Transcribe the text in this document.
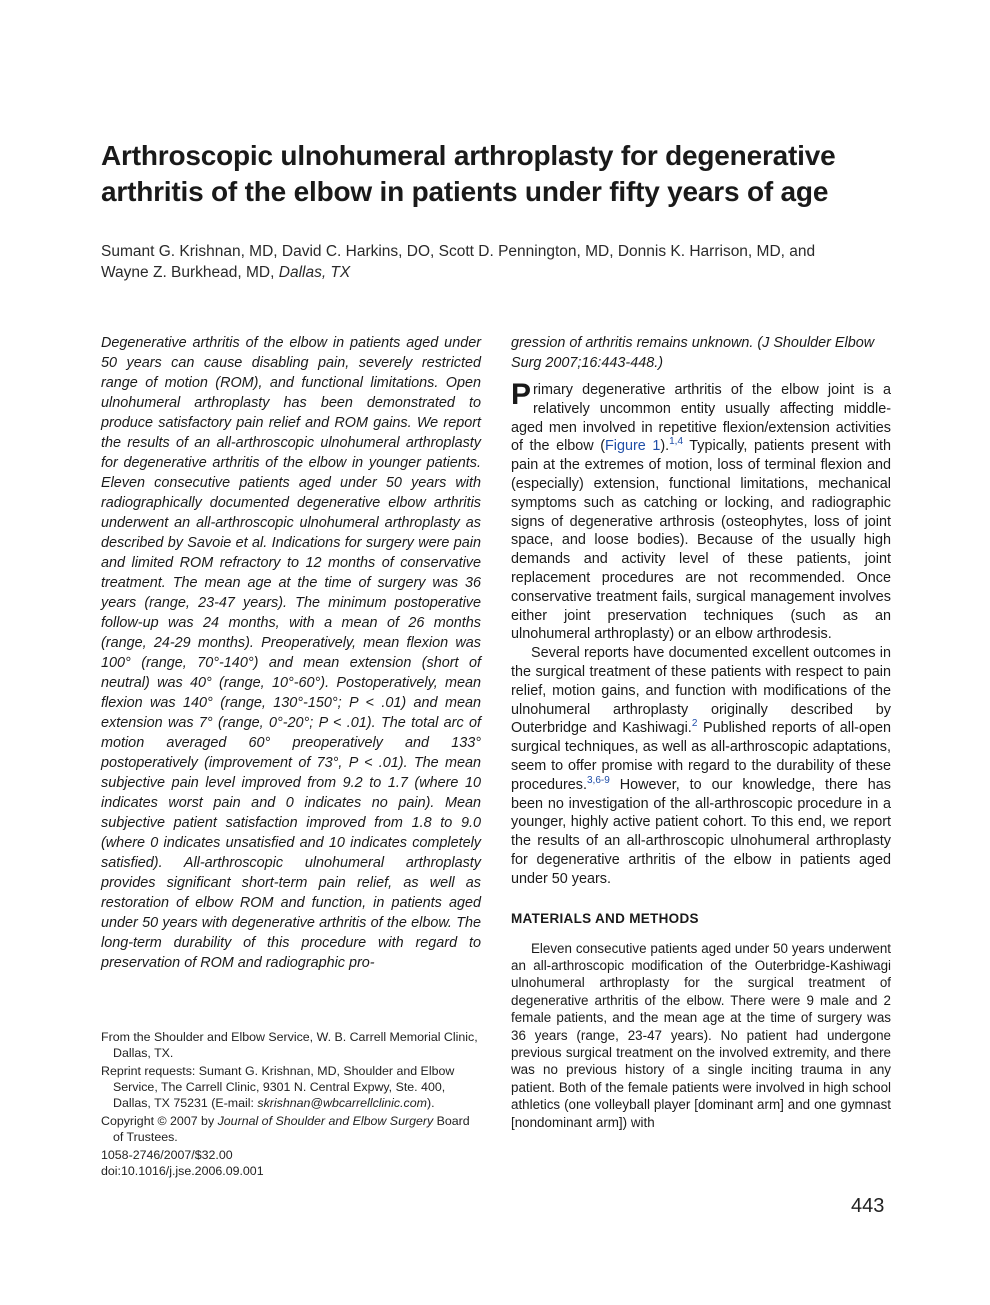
Arthroscopic ulnohumeral arthroplasty for degenerative arthritis of the elbow in patients under fifty years of age
Sumant G. Krishnan, MD, David C. Harkins, DO, Scott D. Pennington, MD, Donnis K. Harrison, MD, and Wayne Z. Burkhead, MD, Dallas, TX

Degenerative arthritis of the elbow in patients aged under 50 years can cause disabling pain, severely restricted range of motion (ROM), and functional limitations. Open ulnohumeral arthroplasty has been demonstrated to produce satisfactory pain relief and ROM gains. We report the results of an all-arthroscopic ulnohumeral arthroplasty for degenerative arthritis of the elbow in younger patients. Eleven consecutive patients aged under 50 years with radiographically documented degenerative elbow arthritis underwent an all-arthroscopic ulnohumeral arthroplasty as described by Savoie et al. Indications for surgery were pain and limited ROM refractory to 12 months of conservative treatment. The mean age at the time of surgery was 36 years (range, 23-47 years). The minimum postoperative follow-up was 24 months, with a mean of 26 months (range, 24-29 months). Preoperatively, mean flexion was 100° (range, 70°-140°) and mean extension (short of neutral) was 40° (range, 10°-60°). Postoperatively, mean flexion was 140° (range, 130°-150°; P < .01) and mean extension was 7° (range, 0°-20°; P < .01). The total arc of motion averaged 60° preoperatively and 133° postoperatively (improvement of 73°, P < .01). The mean subjective pain level improved from 9.2 to 1.7 (where 10 indicates worst pain and 0 indicates no pain). Mean subjective patient satisfaction improved from 1.8 to 9.0 (where 0 indicates unsatisfied and 10 indicates completely satisfied). All-arthroscopic ulnohumeral arthroplasty provides significant short-term pain relief, as well as restoration of elbow ROM and function, in patients aged under 50 years with degenerative arthritis of the elbow. The long-term durability of this procedure with regard to preservation of ROM and radiographic pro-

From the Shoulder and Elbow Service, W. B. Carrell Memorial Clinic, Dallas, TX.

Reprint requests: Sumant G. Krishnan, MD, Shoulder and Elbow Service, The Carrell Clinic, 9301 N. Central Expwy, Ste. 400, Dallas, TX 75231 (E-mail: skrishnan@wbcarrellclinic.com).

Copyright © 2007 by Journal of Shoulder and Elbow Surgery Board of Trustees.

1058-2746/2007/$32.00

doi:10.1016/j.jse.2006.09.001

gression of arthritis remains unknown. (J Shoulder Elbow Surg 2007;16:443-448.)

Primary degenerative arthritis of the elbow joint is a relatively uncommon entity usually affecting middle-aged men involved in repetitive flexion/extension activities of the elbow (Figure 1).$^{1,4}$ Typically, patients present with pain at the extremes of motion, loss of terminal flexion and (especially) extension, functional limitations, mechanical symptoms such as catching or locking, and radiographic signs of degenerative arthrosis (osteophytes, loss of joint space, and loose bodies). Because of the usually high demands and activity level of these patients, joint replacement procedures are not recommended. Once conservative treatment fails, surgical management involves either joint preservation techniques (such as an ulnohumeral arthroplasty) or an elbow arthrodesis.

Several reports have documented excellent outcomes in the surgical treatment of these patients with respect to pain relief, motion gains, and function with modifications of the ulnohumeral arthroplasty originally described by Outerbridge and Kashiwagi.$^2$ Published reports of all-open surgical techniques, as well as all-arthroscopic adaptations, seem to offer promise with regard to the durability of these procedures.$^{3,6-9}$ However, to our knowledge, there has been no investigation of the all-arthroscopic procedure in a younger, highly active patient cohort. To this end, we report the results of an all-arthroscopic ulnohumeral arthroplasty for degenerative arthritis of the elbow in patients aged under 50 years.

MATERIALS AND METHODS

Eleven consecutive patients aged under 50 years underwent an all-arthroscopic modification of the Outerbridge-Kashiwagi ulnohumeral arthroplasty for the surgical treatment of degenerative arthritis of the elbow. There were 9 male and 2 female patients, and the mean age at the time of surgery was 36 years (range, 23-47 years). No patient had undergone previous surgical treatment on the involved extremity, and there was no previous history of a single inciting trauma in any patient. Both of the female patients were involved in high school athletics (one volleyball player [dominant arm] and one gymnast [nondominant arm]) with

443
